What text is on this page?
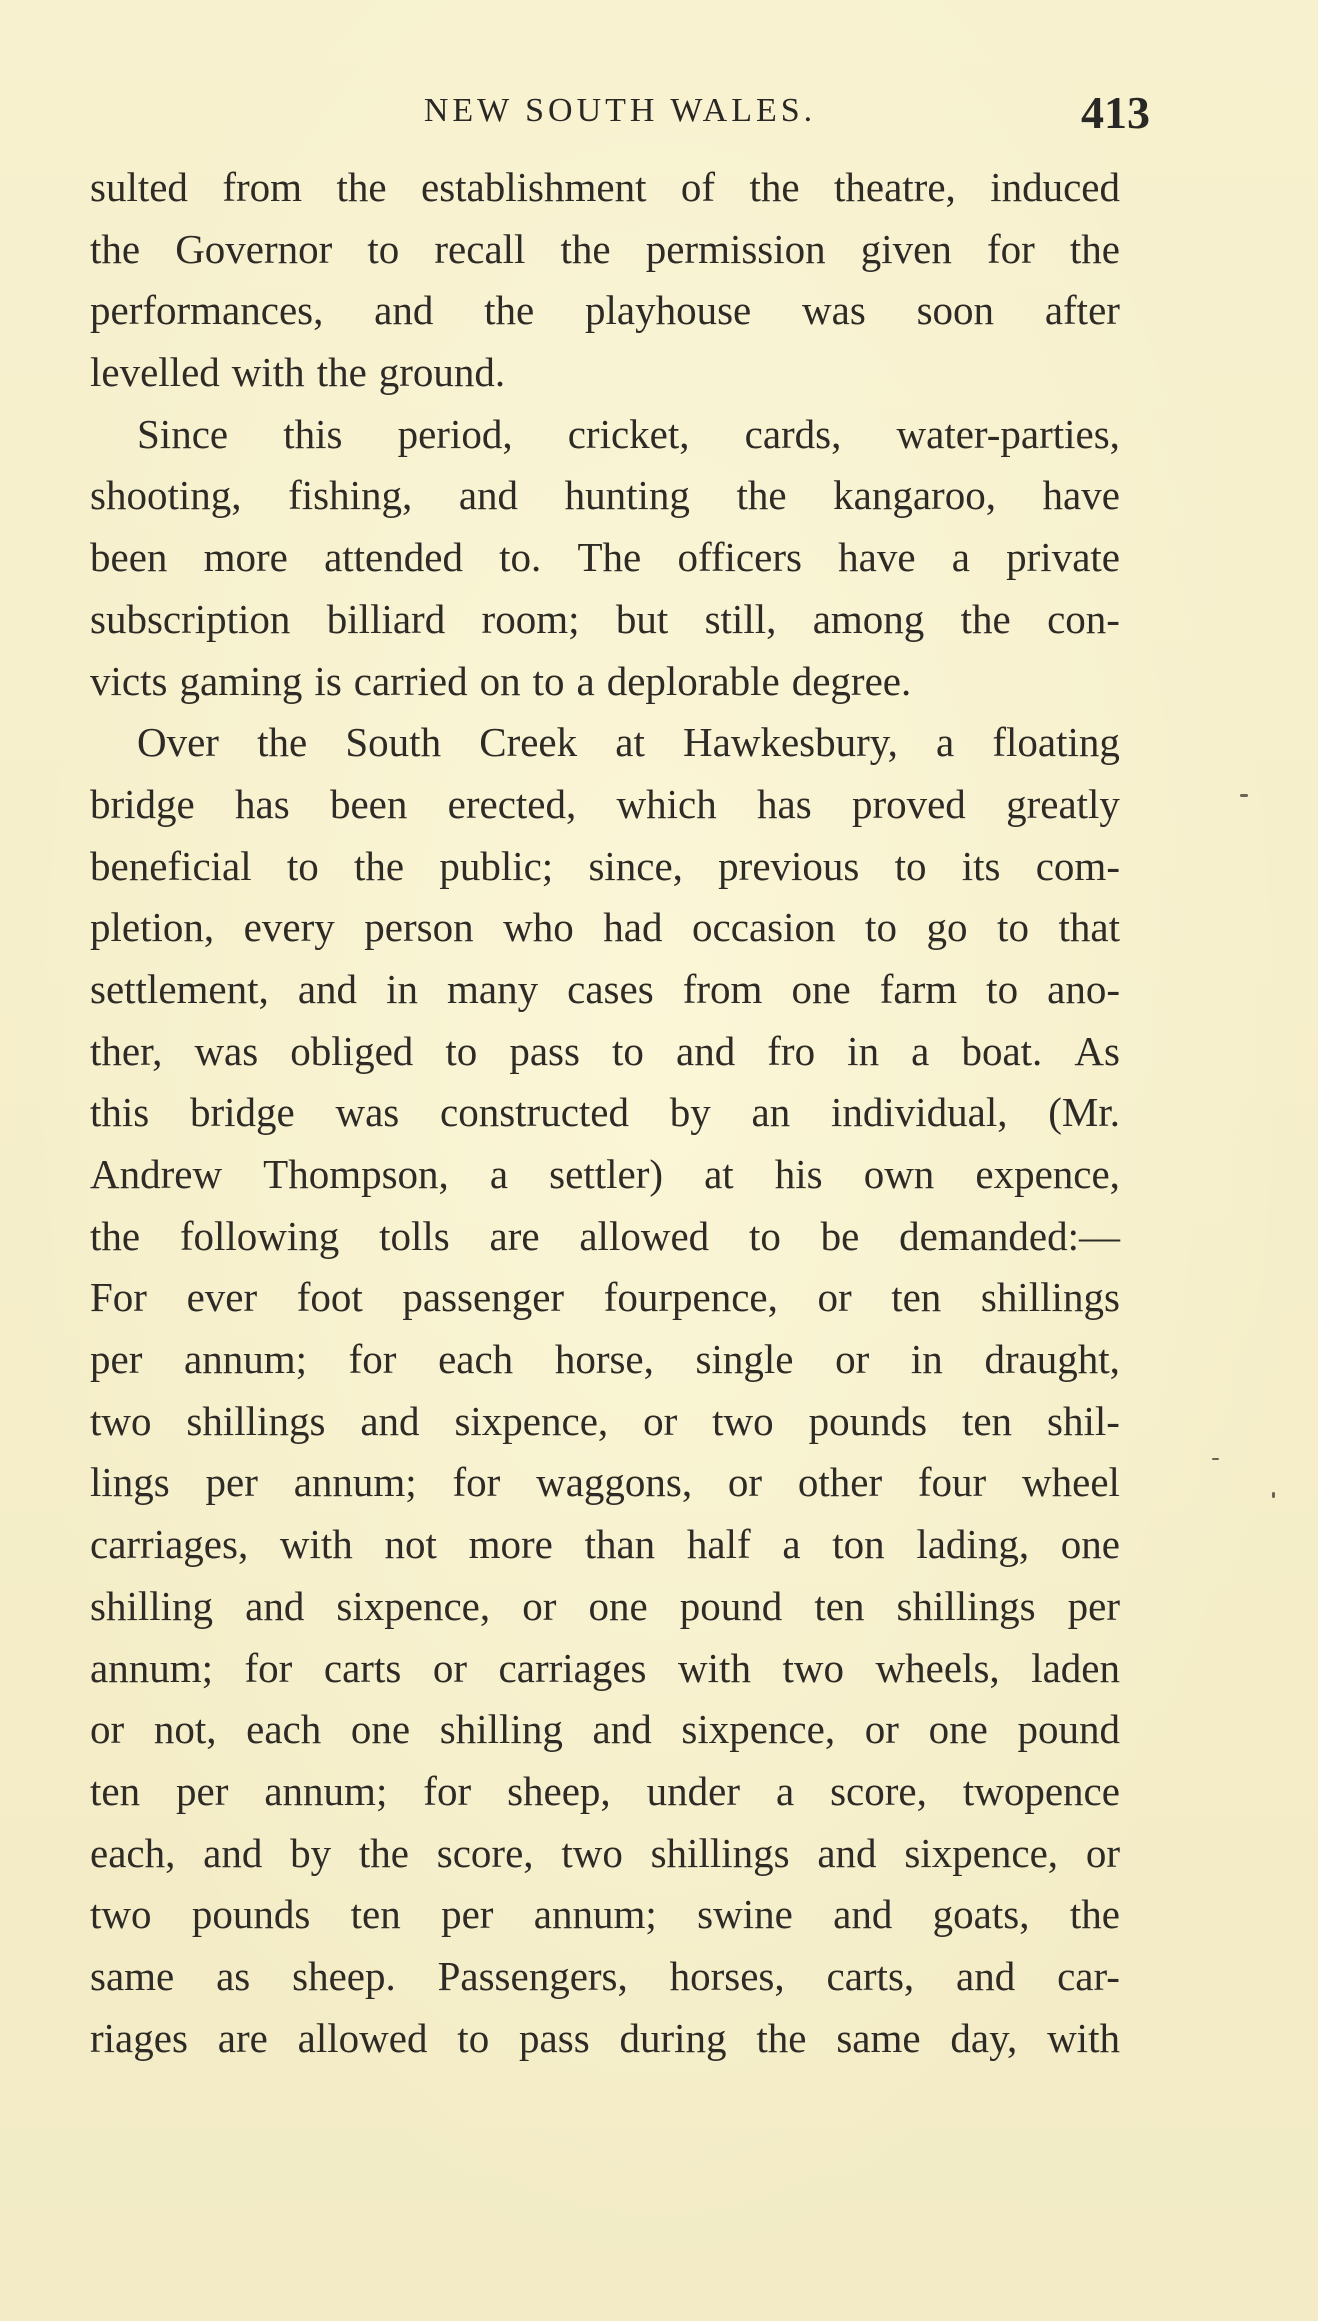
NEW SOUTH WALES.	413
sulted from the establishment of the theatre, induced
the Governor to recall the permission given for the
performances, and the playhouse was soon after
levelled with the ground.
Since this period, cricket, cards, water-parties,
shooting, fishing, and hunting the kangaroo, have
been more attended to. The officers have a private
subscription billiard room; but still, among the con-
victs gaming is carried on to a deplorable degree.
Over the South Creek at Hawkesbury, a floating
bridge has been erected, which has proved greatly
beneficial to the public; since, previous to its com-
pletion, every person who had occasion to go to that
settlement, and in many cases from one farm to ano-
ther, was obliged to pass to and fro in a boat. As
this bridge was constructed by an individual, (Mr.
Andrew Thompson, a settler) at his own expence,
the following tolls are allowed to be demanded:—
For ever foot passenger fourpence, or ten shillings
per annum; for each horse, single or in draught,
two shillings and sixpence, or two pounds ten shil-
lings per annum; for waggons, or other four wheel
carriages, with not more than half a ton lading, one
shilling and sixpence, or one pound ten shillings per
annum; for carts or carriages with two wheels, laden
or not, each one shilling and sixpence, or one pound
ten per annum; for sheep, under a score, twopence
each, and by the score, two shillings and sixpence, or
two pounds ten per annum; swine and goats, the
same as sheep. Passengers, horses, carts, and car-
riages are allowed to pass during the same day, with
